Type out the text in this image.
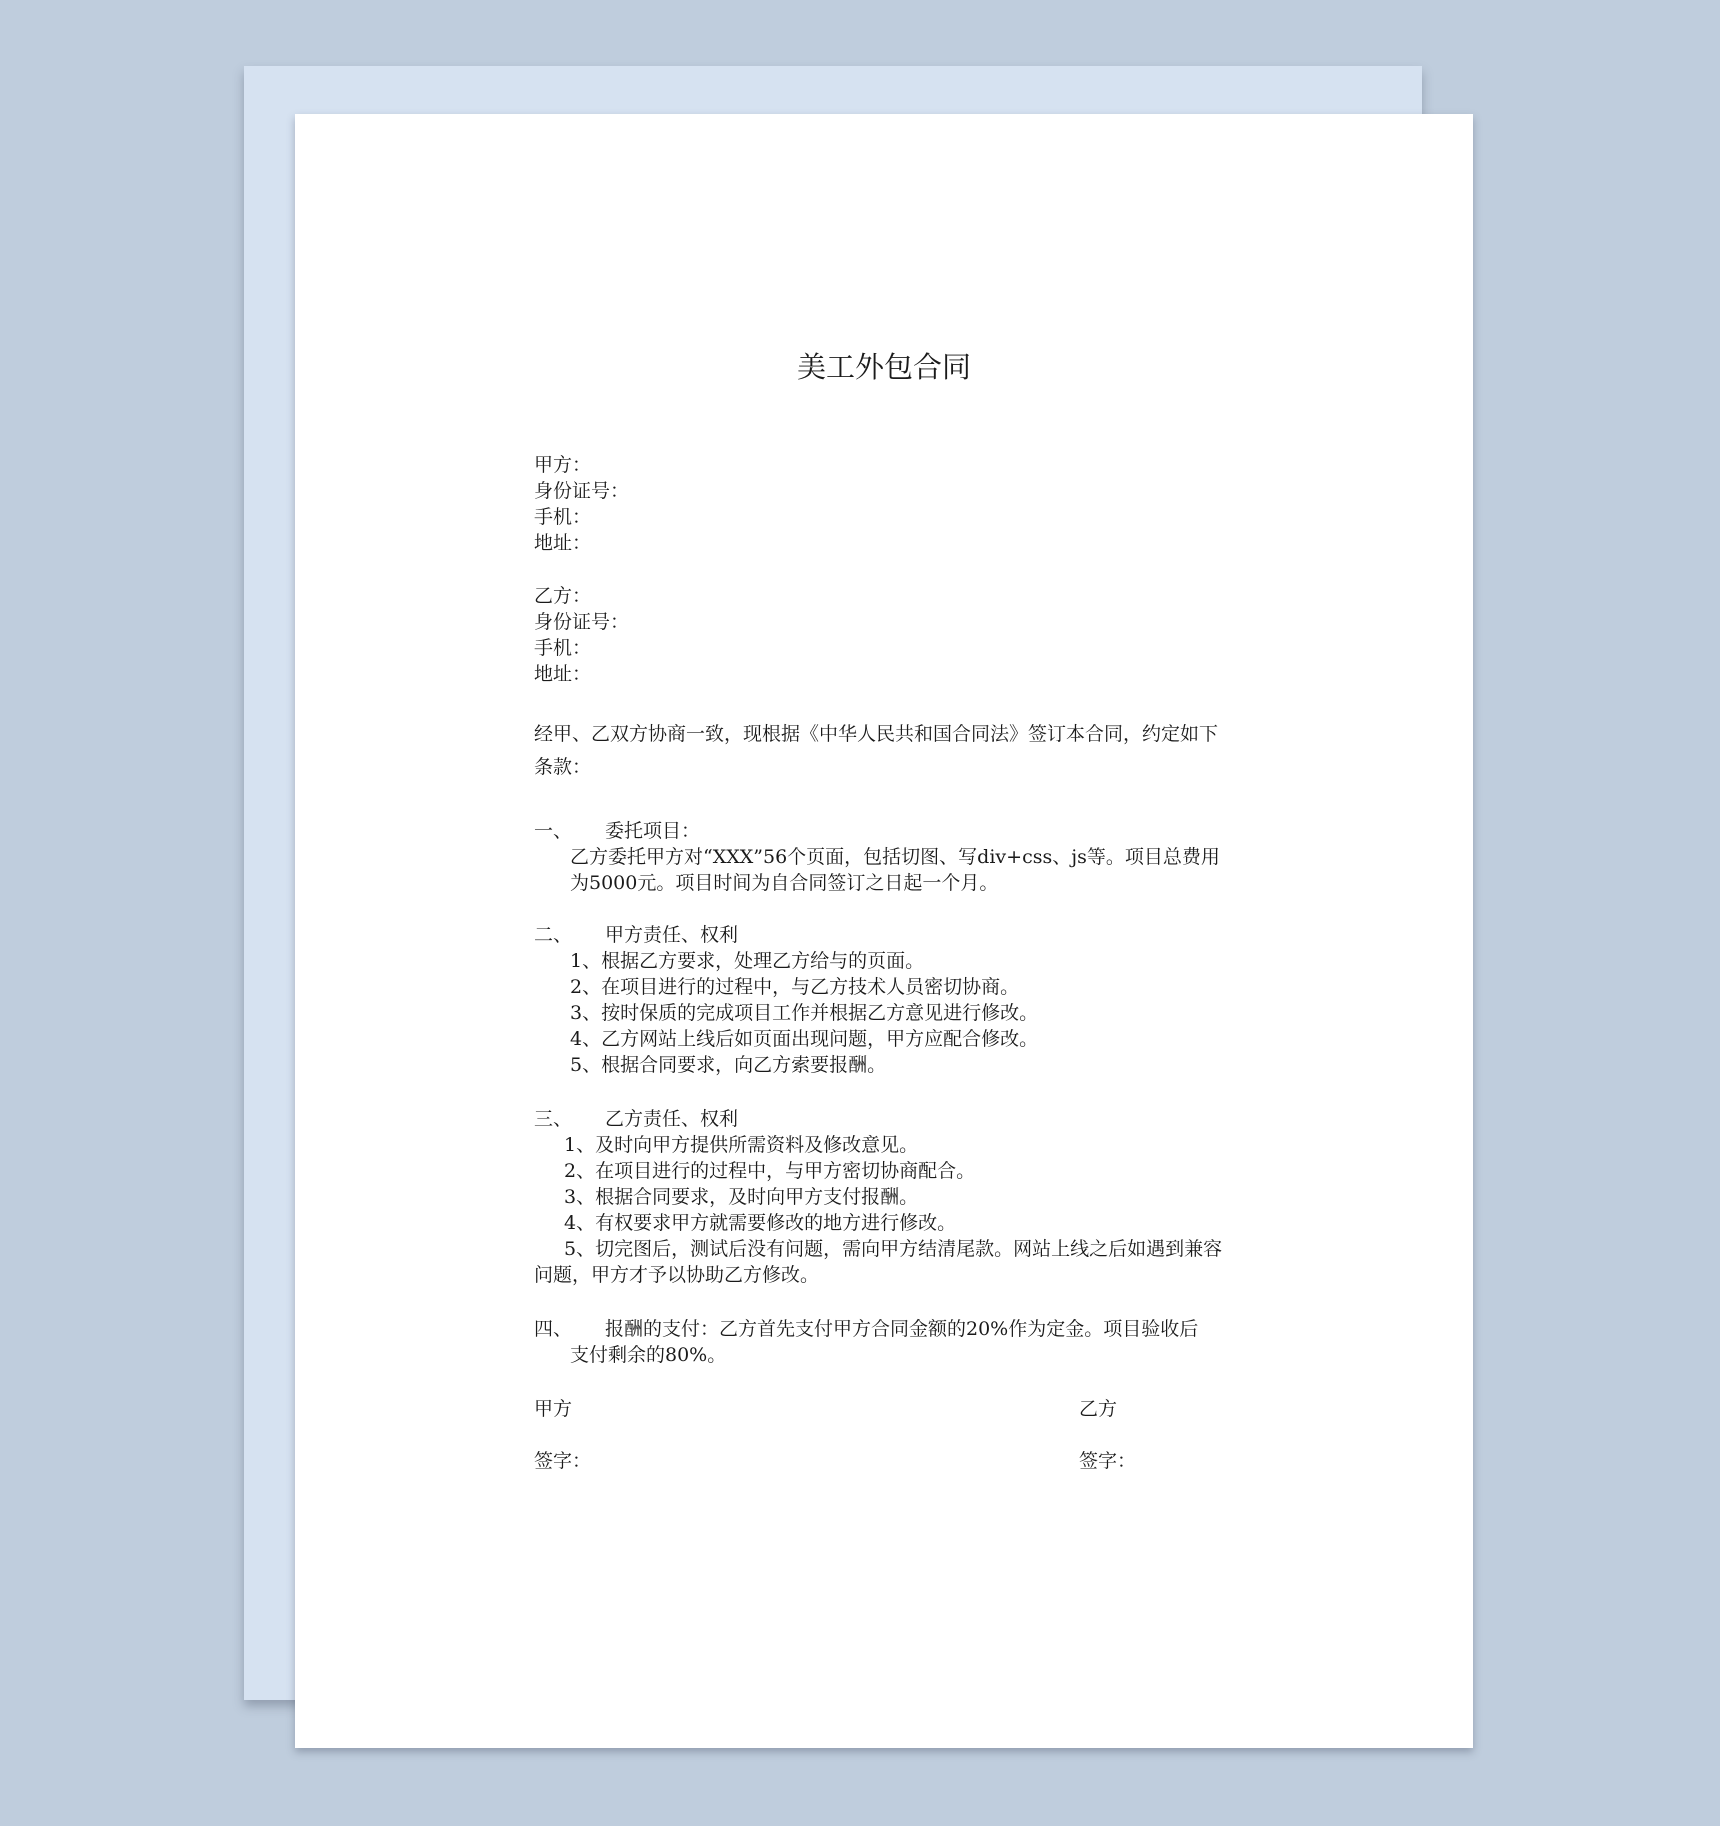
美工外包合同
甲方：
身份证号：
手机：
地址：
乙方：
身份证号：
手机：
地址：
经甲、乙双方协商一致，现根据《中华人民共和国合同法》签订本合同，约定如下条款：
一、 委托项目：
乙方委托甲方对“XXX”56个页面，包括切图、写div+css、js等。项目总费用为5000元。项目时间为自合同签订之日起一个月。
二、 甲方责任、权利
1、根据乙方要求，处理乙方给与的页面。
2、在项目进行的过程中，与乙方技术人员密切协商。
3、按时保质的完成项目工作并根据乙方意见进行修改。
4、乙方网站上线后如页面出现问题，甲方应配合修改。
5、根据合同要求，向乙方索要报酬。
三、 乙方责任、权利
1、及时向甲方提供所需资料及修改意见。
2、在项目进行的过程中，与甲方密切协商配合。
3、根据合同要求，及时向甲方支付报酬。
4、有权要求甲方就需要修改的地方进行修改。
5、切完图后，测试后没有问题，需向甲方结清尾款。网站上线之后如遇到兼容问题，甲方才予以协助乙方修改。
四、 报酬的支付：乙方首先支付甲方合同金额的20%作为定金。项目验收后
支付剩余的80%。
甲方	乙方
签字：	签字：
